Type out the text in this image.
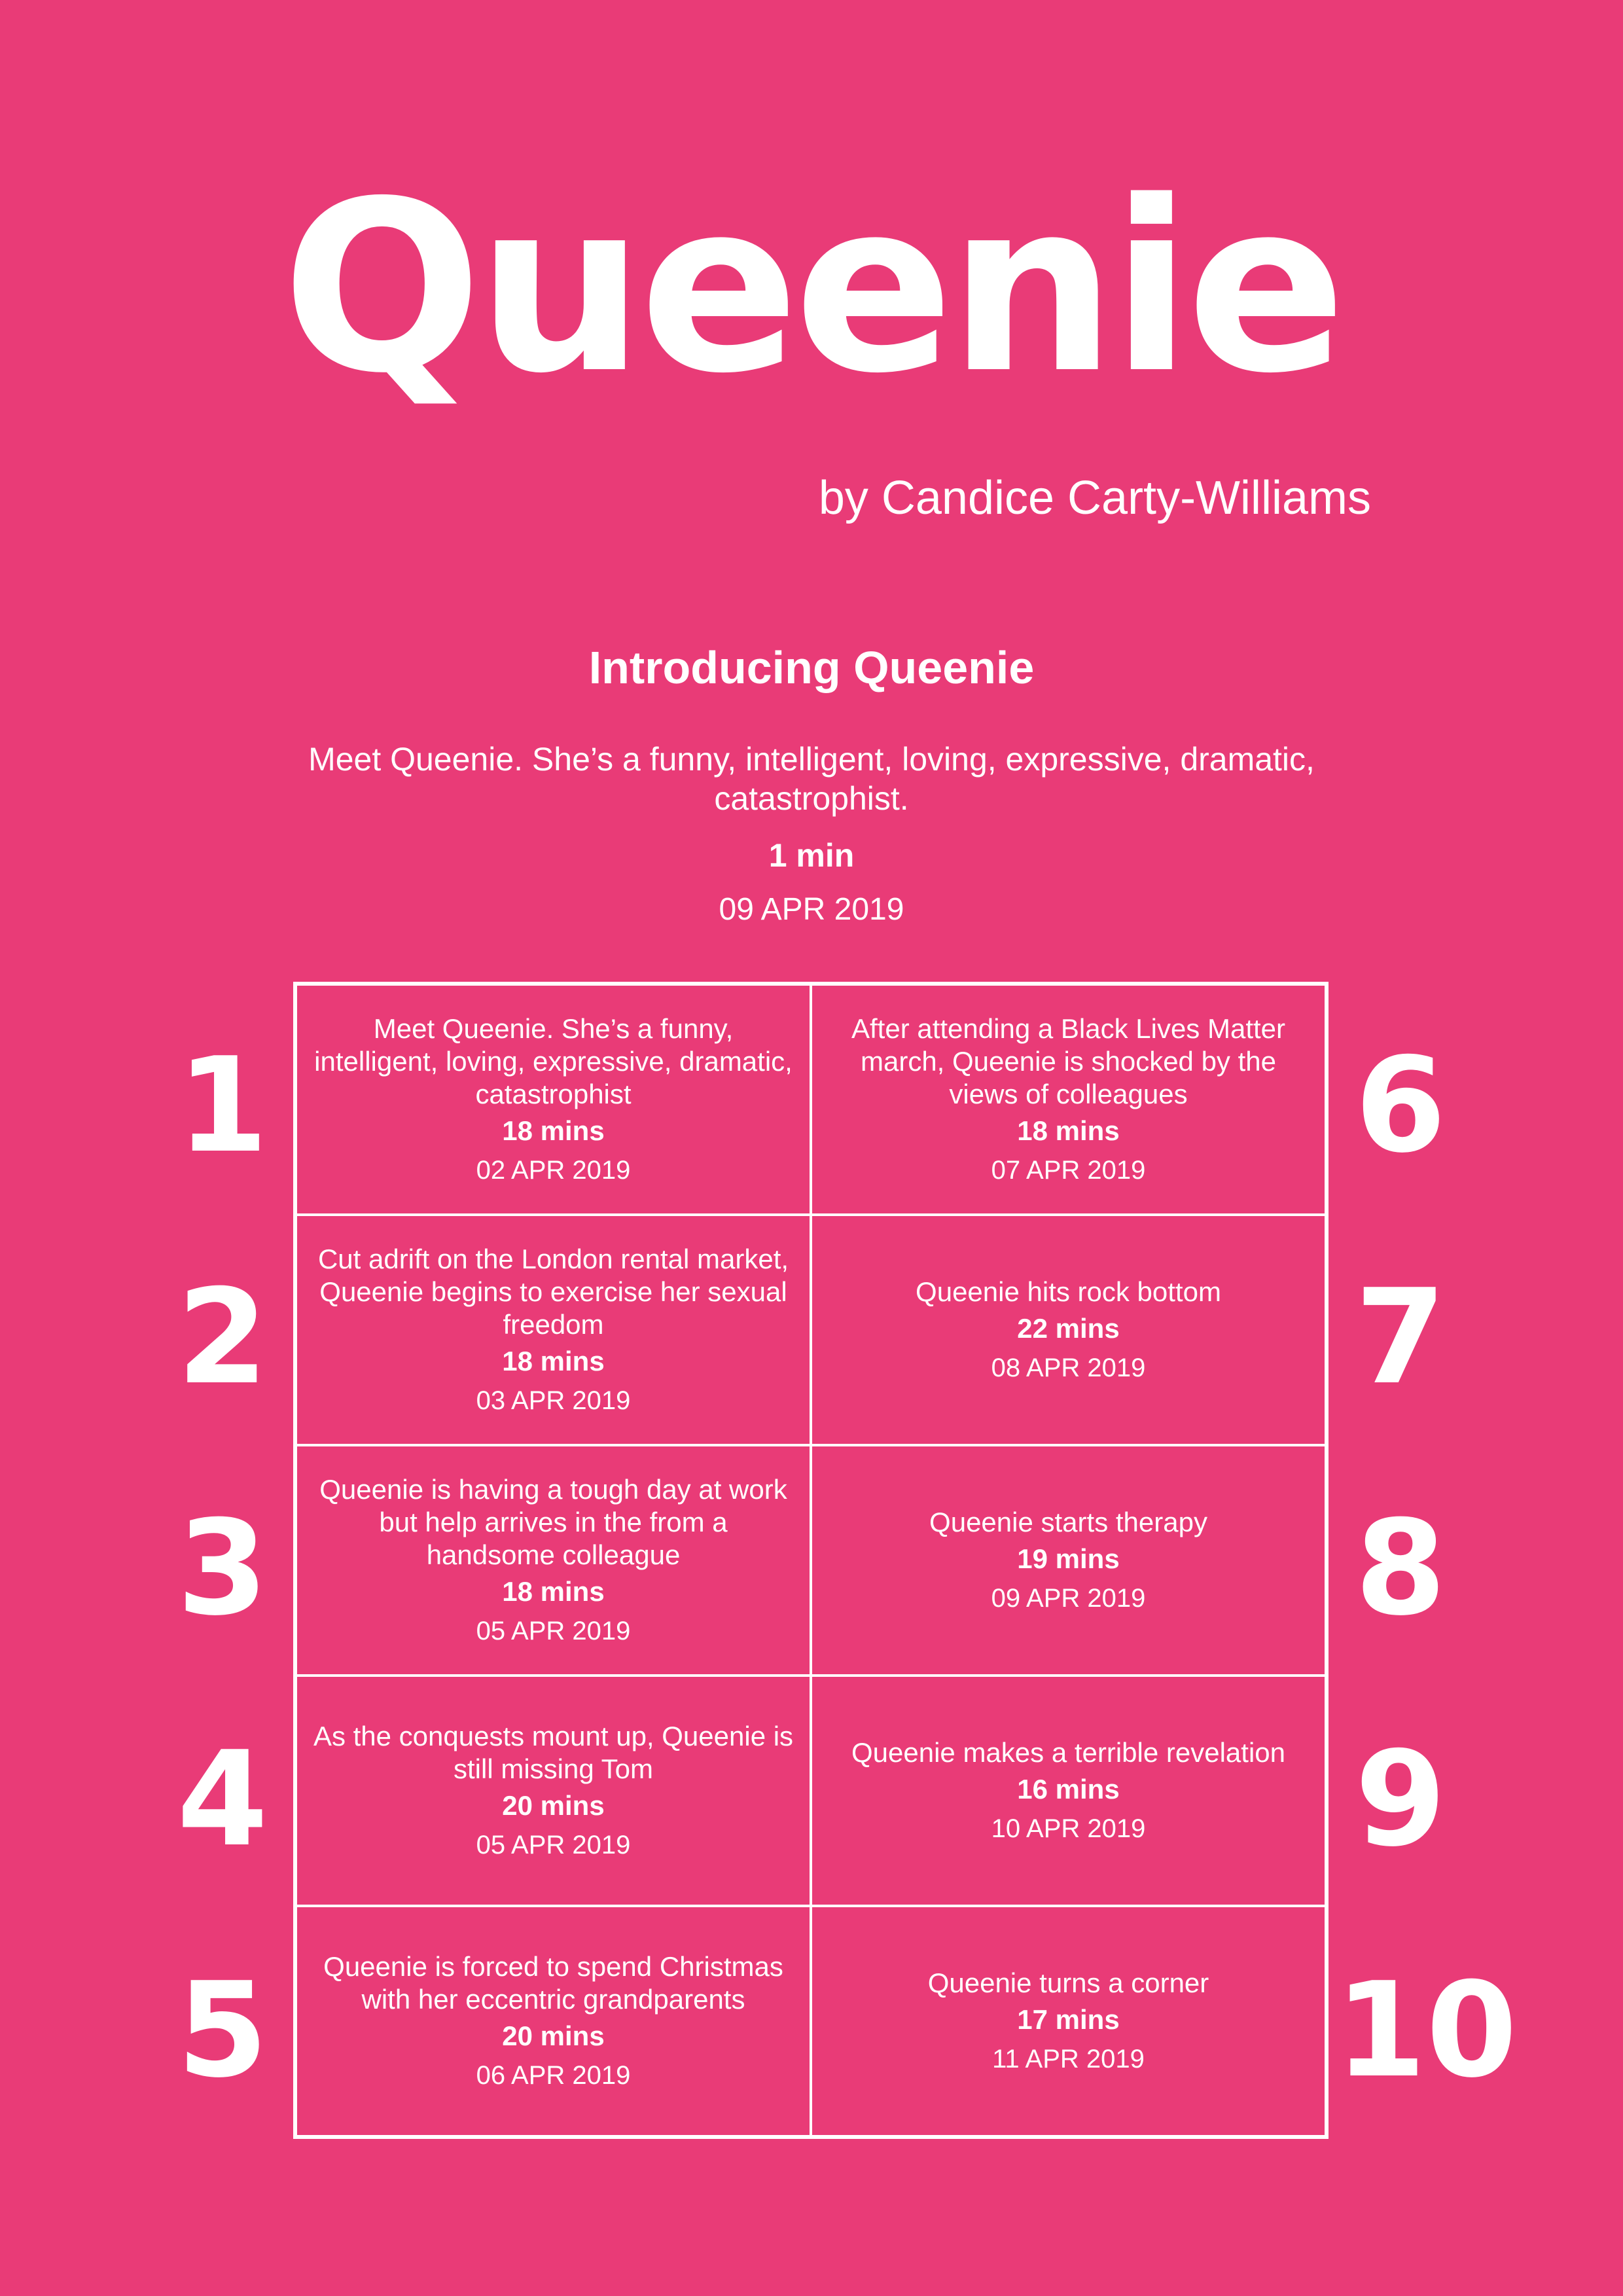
Queenie
by Candice Carty-Williams
Introducing Queenie
Meet Queenie. She’s a funny, intelligent, loving, expressive, dramatic, catastrophist.
1 min
09 APR 2019
1
2
3
4
5
6
7
8
9
10
Meet Queenie. She’s a funny, intelligent, loving, expressive, dramatic, catastrophist
18 mins
02 APR 2019
After attending a Black Lives Matter march, Queenie is shocked by the views of colleagues
18 mins
07 APR 2019
Cut adrift on the London rental market, Queenie begins to exercise her sexual freedom
18 mins
03 APR 2019
Queenie hits rock bottom
22 mins
08 APR 2019
Queenie is having a tough day at work but help arrives in the from a handsome colleague
18 mins
05 APR 2019
Queenie starts therapy
19 mins
09 APR 2019
As the conquests mount up, Queenie is still missing Tom
20 mins
05 APR 2019
Queenie makes a terrible revelation
16 mins
10 APR 2019
Queenie is forced to spend Christmas with her eccentric grandparents
20 mins
06 APR 2019
Queenie turns a corner
17 mins
11 APR 2019
